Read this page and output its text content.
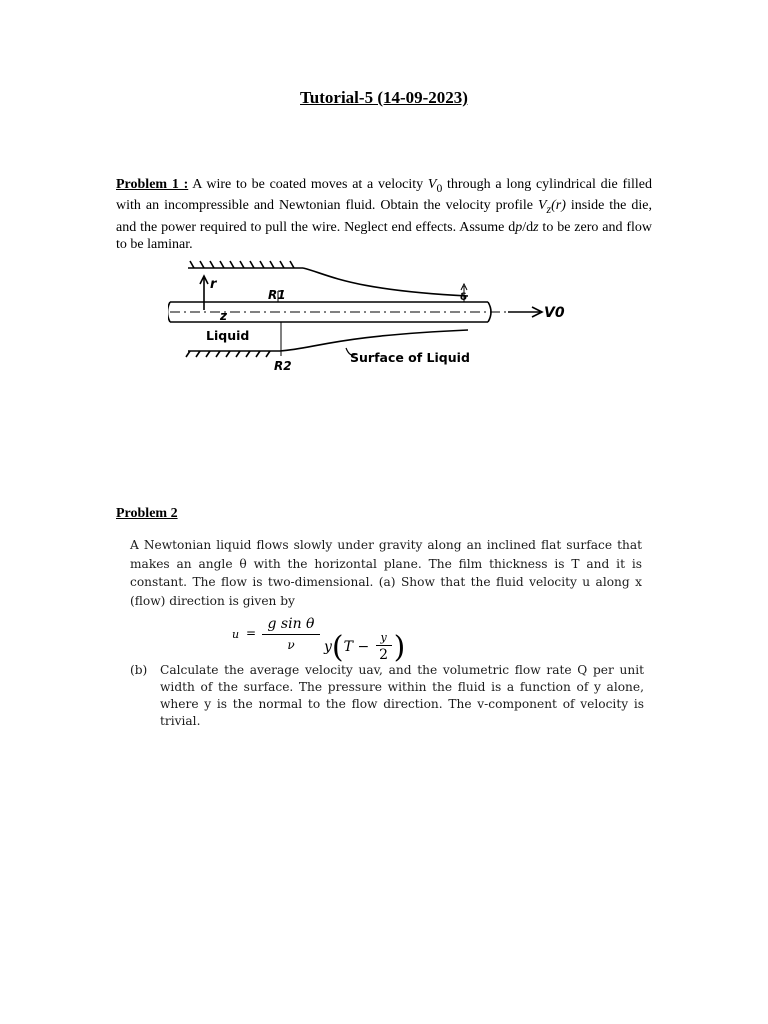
Tutorial-5 (14-09-2023)
Problem 1 : A wire to be coated moves at a velocity $V_0$ through a long cylindrical die filled with an incompressible and Newtonian fluid. Obtain the velocity profile $V_z(r)$ inside the die, and the power required to pull the wire. Neglect end effects. Assume dp/dz to be zero and flow to be laminar.
r
R1
z
Liquid
R2
Surface of Liquid
V0
δ
Problem 2
A Newtonian liquid flows slowly under gravity along an inclined flat surface that makes an angle θ with the horizontal plane. The film thickness is T and it is constant. The flow is two-dimensional. (a) Show that the fluid velocity u along x (flow) direction is given by
u =
g sin θ
ν	y(T −
y
2 )
(b) Calculate the average velocity uav, and the volumetric flow rate Q per unit width of the surface. The pressure within the fluid is a function of y alone, where y is the normal to the flow direction. The v-component of velocity is trivial.
